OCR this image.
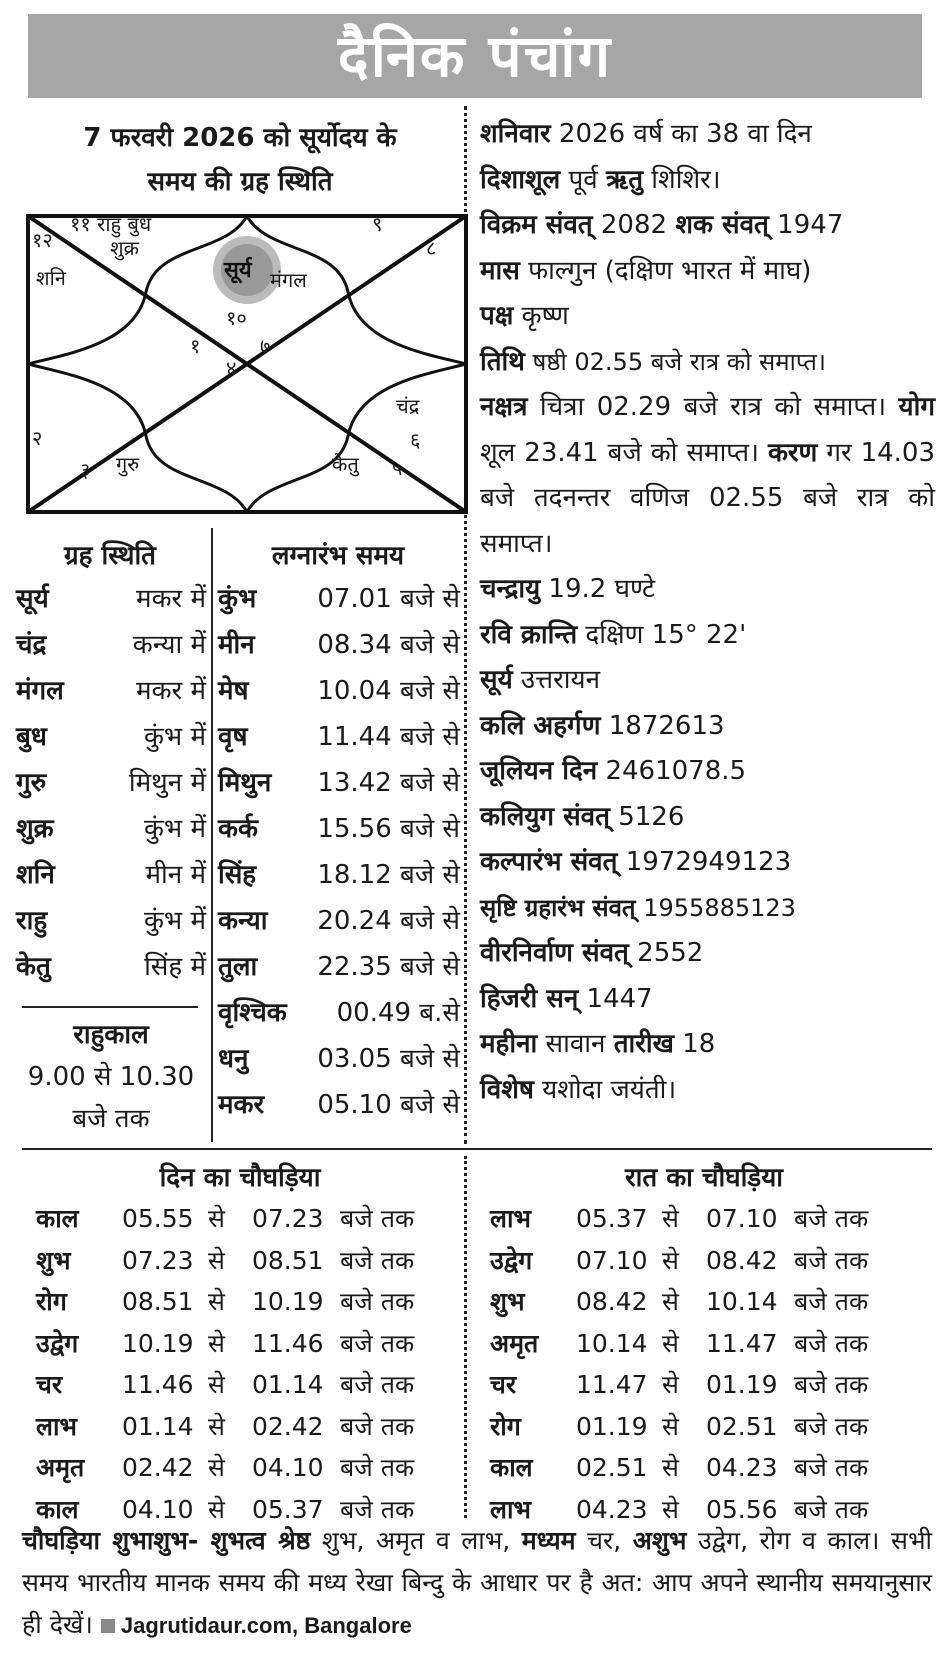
दैनिक पंचांग
7 फरवरी 2026 को सूर्योदय के
समय की ग्रह स्थिति
सूर्य
१२
शनि
११ राहु बुध
शुक्र
९
८
मंगल
१०
१	७
४
२
३ गुरु
चंद्र
६
केतु ५
ग्रह स्थिति
सूर्य	मकर में
चंद्र	कन्या में
मंगल	मकर में
बुध	कुंभ में
गुरु	मिथुन में
शुक्र	कुंभ में
शनि	मीन में
राहु	कुंभ में
केतु	सिंह में
राहुकाल
9.00 से 10.30
बजे तक
लग्नारंभ समय
कुंभ 07.01 बजे से
मीन 08.34 बजे से
मेष	10.04 बजे से
वृष	11.44 बजे से
मिथुन 13.42 बजे से
कर्क 15.56 बजे से
सिंह 18.12 बजे से
कन्या 20.24 बजे से
तुला 22.35 बजे से
वृश्चिक 00.49 ब.से
धनु	03.05 बजे से
मकर 05.10 बजे से

शनिवार 2026 वर्ष का 38 वा दिन

दिशाशूल पूर्व ऋतु शिशिर।

विक्रम संवत् 2082 शक संवत् 1947

मास फाल्गुन (दक्षिण भारत में माघ)

पक्ष कृष्ण

तिथि षष्ठी 02.55 बजे रात्र को समाप्त।

नक्षत्र चित्रा 02.29 बजे रात्र को समाप्त। योग शूल 23.41 बजे को समाप्त। करण गर 14.03 बजे तदनन्तर वणिज 02.55 बजे रात्र को समाप्त।

चन्द्रायु 19.2 घण्टे

रवि क्रान्ति दक्षिण 15° 22'

सूर्य उत्तरायन

कलि अहर्गण 1872613

जूलियन दिन 2461078.5

कलियुग संवत् 5126

कल्पारंभ संवत् 1972949123

सृष्टि ग्रहारंभ संवत् 1955885123

वीरनिर्वाण संवत् 2552

हिजरी सन् 1447

महीना सावान तारीख 18

विशेष यशोदा जयंती।

दिन का चौघड़िया	रात का चौघड़िया
काल 05.55 से 07.23 बजे तक
शुभ 07.23 से 08.51 बजे तक
रोग 08.51 से 10.19 बजे तक
उद्वेग 10.19 से 11.46 बजे तक
चर 11.46 से 01.14 बजे तक
लाभ 01.14 से 02.42 बजे तक
अमृत 02.42 से 04.10 बजे तक
काल 04.10 से 05.37 बजे तक
लाभ 05.37 से 07.10 बजे तक
उद्वेग 07.10 से 08.42 बजे तक
शुभ 08.42 से 10.14 बजे तक
अमृत 10.14 से 11.47 बजे तक
चर 11.47 से 01.19 बजे तक
रोग 01.19 से 02.51 बजे तक
काल 02.51 से 04.23 बजे तक
लाभ 04.23 से 05.56 बजे तक
चौघड़िया शुभाशुभ- शुभत्व श्रेष्ठ शुभ, अमृत व लाभ, मध्यम चर, अशुभ उद्वेग, रोग व काल। सभी समय भारतीय मानक समय की मध्य रेखा बिन्दु के आधार पर है अत: आप अपने स्थानीय समयानुसार ही देखें। Jagrutidaur.com, Bangalore
